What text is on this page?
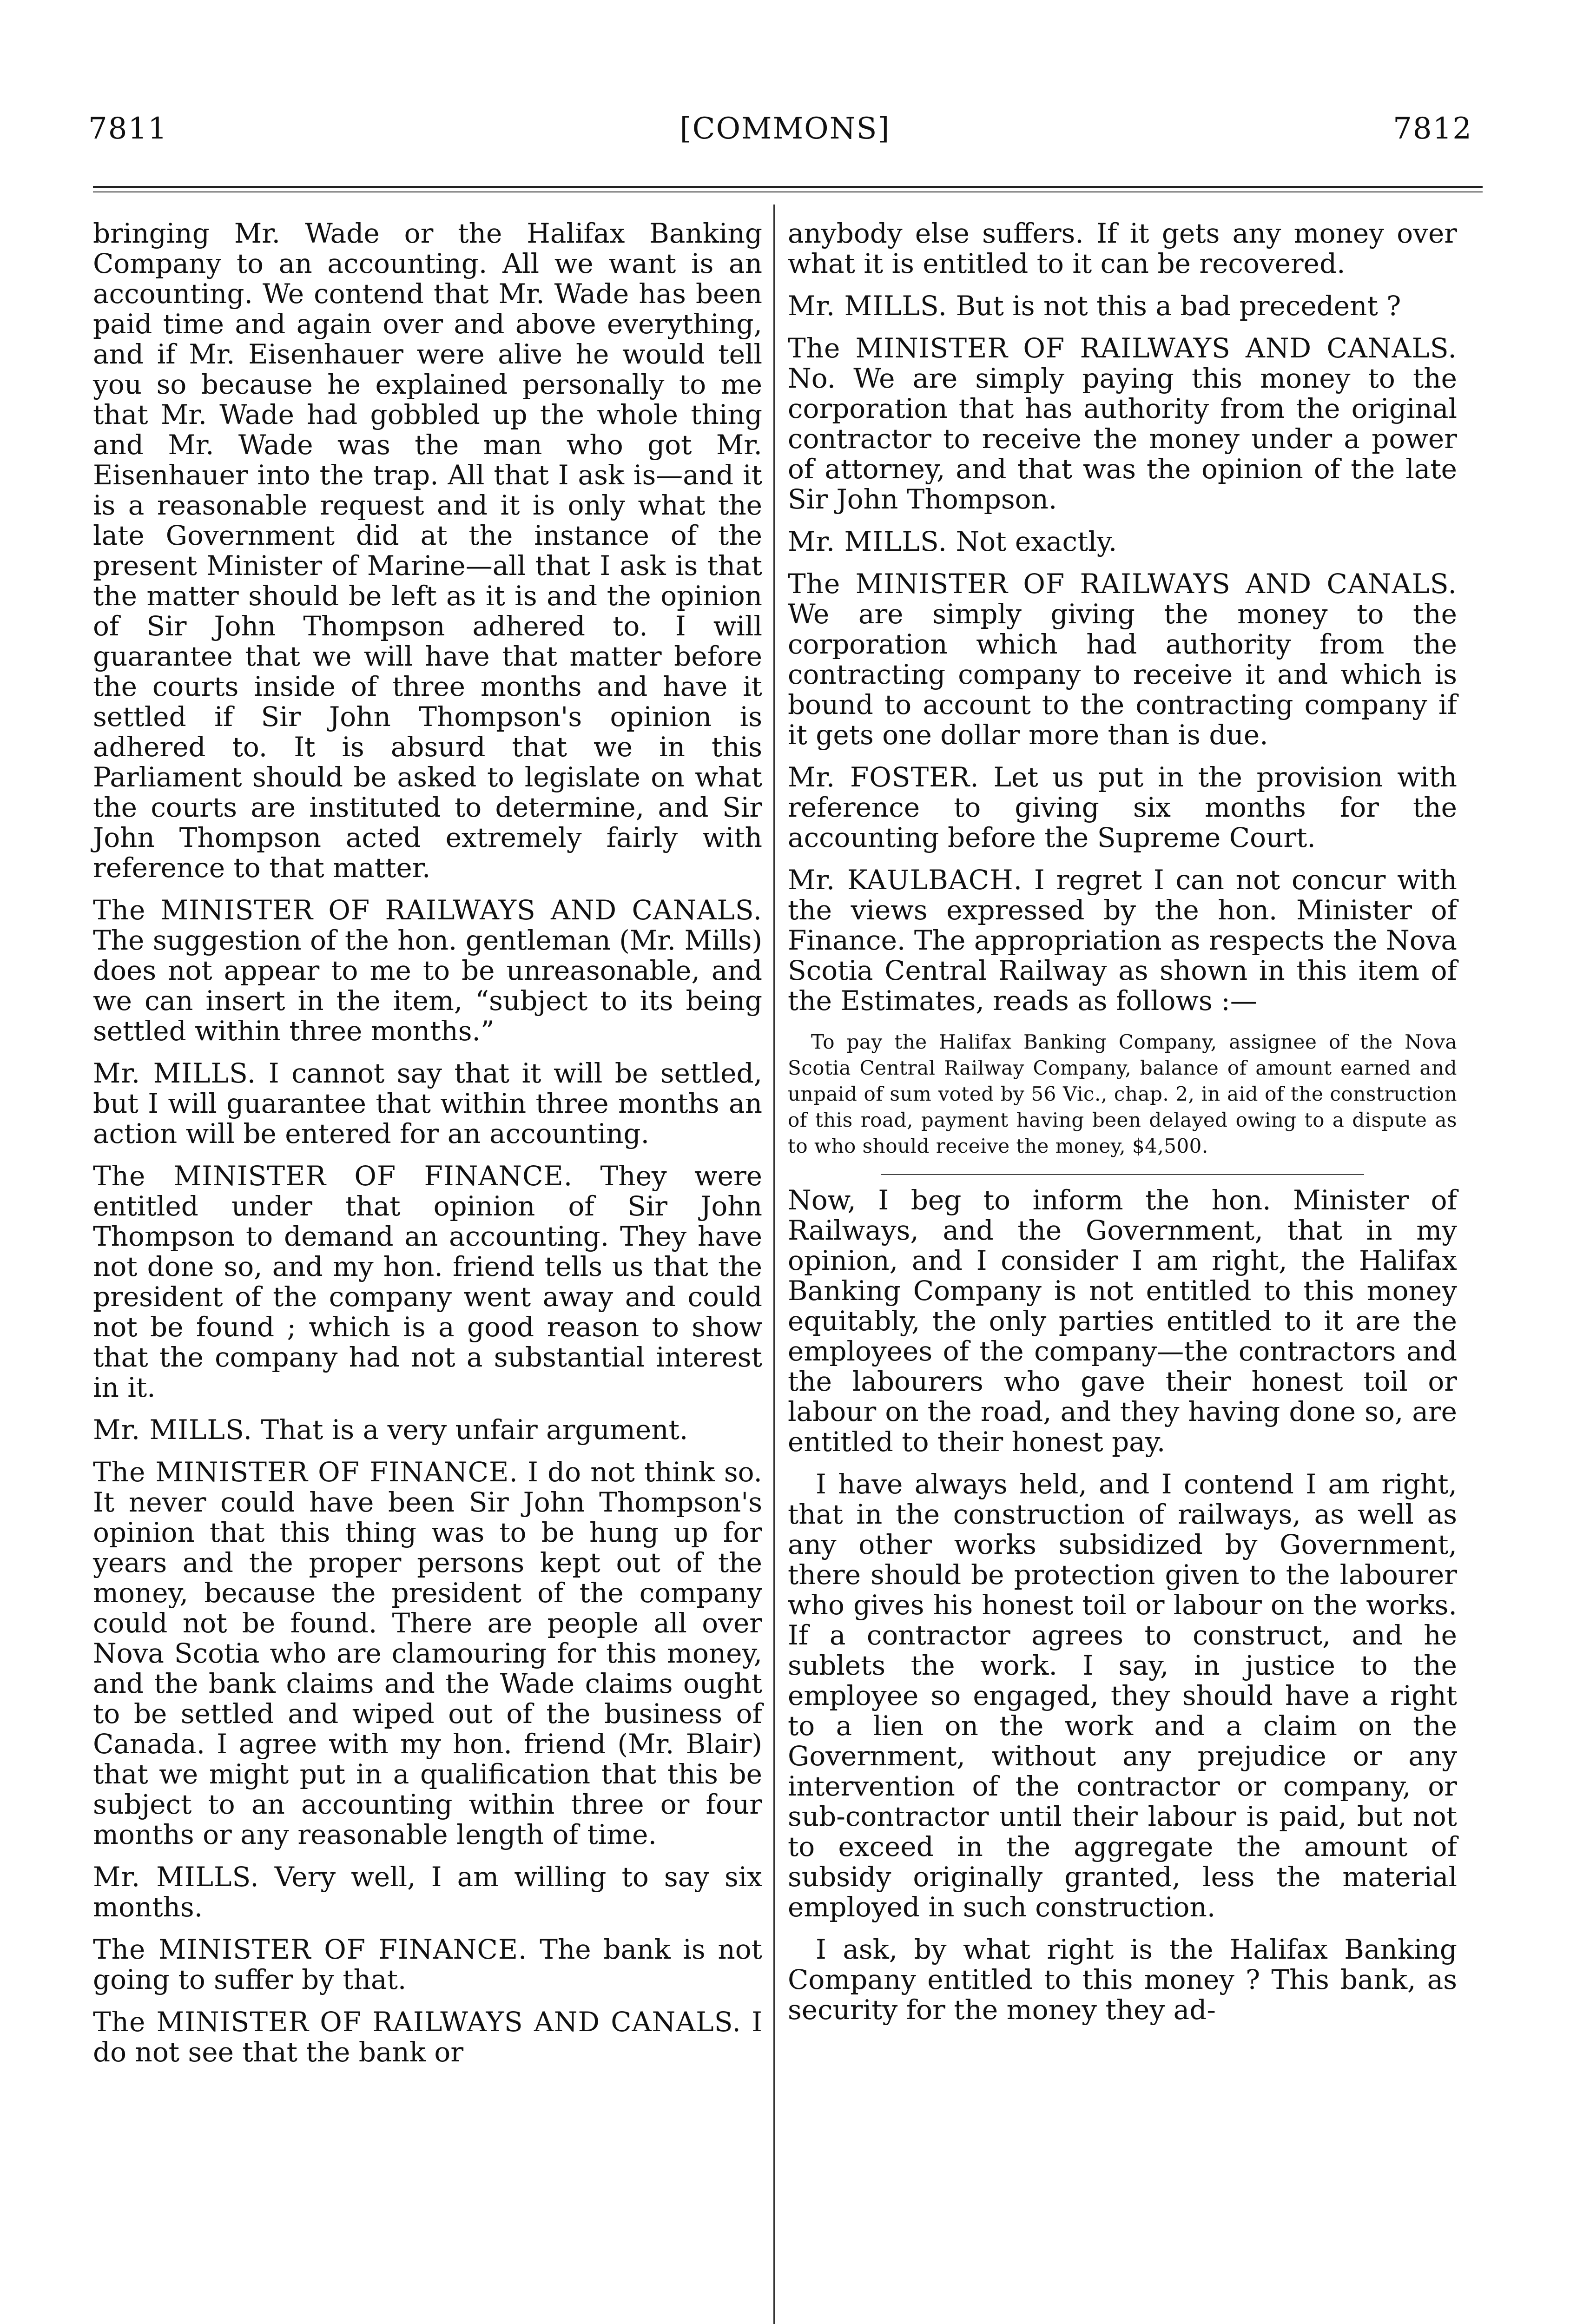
7811	[COMMONS]	7812

bringing Mr. Wade or the Halifax Banking Company to an accounting. All we want is an accounting. We contend that Mr. Wade has been paid time and again over and above everything, and if Mr. Eisenhauer were alive he would tell you so because he explained personally to me that Mr. Wade had gobbled up the whole thing and Mr. Wade was the man who got Mr. Eisenhauer into the trap. All that I ask is—and it is a reasonable request and it is only what the late Government did at the instance of the present Minister of Marine—all that I ask is that the matter should be left as it is and the opinion of Sir John Thompson adhered to. I will guarantee that we will have that matter before the courts inside of three months and have it settled if Sir John Thompson's opinion is adhered to. It is absurd that we in this Parliament should be asked to legislate on what the courts are instituted to determine, and Sir John Thompson acted extremely fairly with reference to that matter.

The MINISTER OF RAILWAYS AND CANALS. The suggestion of the hon. gentleman (Mr. Mills) does not appear to me to be unreasonable, and we can insert in the item, “subject to its being settled within three months.”

Mr. MILLS. I cannot say that it will be settled, but I will guarantee that within three months an action will be entered for an accounting.

The MINISTER OF FINANCE. They were entitled under that opinion of Sir John Thompson to demand an accounting. They have not done so, and my hon. friend tells us that the president of the company went away and could not be found ; which is a good reason to show that the company had not a substantial interest in it.

Mr. MILLS. That is a very unfair argument.

The MINISTER OF FINANCE. I do not think so. It never could have been Sir John Thompson's opinion that this thing was to be hung up for years and the proper persons kept out of the money, because the president of the company could not be found. There are people all over Nova Scotia who are clamouring for this money, and the bank claims and the Wade claims ought to be settled and wiped out of the business of Canada. I agree with my hon. friend (Mr. Blair) that we might put in a qualification that this be subject to an accounting within three or four months or any reasonable length of time.

Mr. MILLS. Very well, I am willing to say six months.

The MINISTER OF FINANCE. The bank is not going to suffer by that.

The MINISTER OF RAILWAYS AND CANALS. I do not see that the bank or

anybody else suffers. If it gets any money over what it is entitled to it can be recovered.

Mr. MILLS. But is not this a bad precedent ?

The MINISTER OF RAILWAYS AND CANALS. No. We are simply paying this money to the corporation that has authority from the original contractor to receive the money under a power of attorney, and that was the opinion of the late Sir John Thompson.

Mr. MILLS. Not exactly.

The MINISTER OF RAILWAYS AND CANALS. We are simply giving the money to the corporation which had authority from the contracting company to receive it and which is bound to account to the contracting company if it gets one dollar more than is due.

Mr. FOSTER. Let us put in the provision with reference to giving six months for the accounting before the Supreme Court.

Mr. KAULBACH. I regret I can not concur with the views expressed by the hon. Minister of Finance. The appropriation as respects the Nova Scotia Central Railway as shown in this item of the Estimates, reads as follows :—

To pay the Halifax Banking Company, assignee of the Nova Scotia Central Railway Company, balance of amount earned and unpaid of sum voted by 56 Vic., chap. 2, in aid of the construction of this road, payment having been delayed owing to a dispute as to who should receive the money, $4,500.

Now, I beg to inform the hon. Minister of Railways, and the Government, that in my opinion, and I consider I am right, the Halifax Banking Company is not entitled to this money equitably, the only parties entitled to it are the employees of the company—the contractors and the labourers who gave their honest toil or labour on the road, and they having done so, are entitled to their honest pay.

I have always held, and I contend I am right, that in the construction of railways, as well as any other works subsidized by Government, there should be protection given to the labourer who gives his honest toil or labour on the works. If a contractor agrees to construct, and he sublets the work. I say, in justice to the employee so engaged, they should have a right to a lien on the work and a claim on the Government, without any prejudice or any intervention of the contractor or company, or sub-contractor until their labour is paid, but not to exceed in the aggregate the amount of subsidy originally granted, less the material employed in such construction.

I ask, by what right is the Halifax Banking Company entitled to this money ? This bank, as security for the money they ad-
